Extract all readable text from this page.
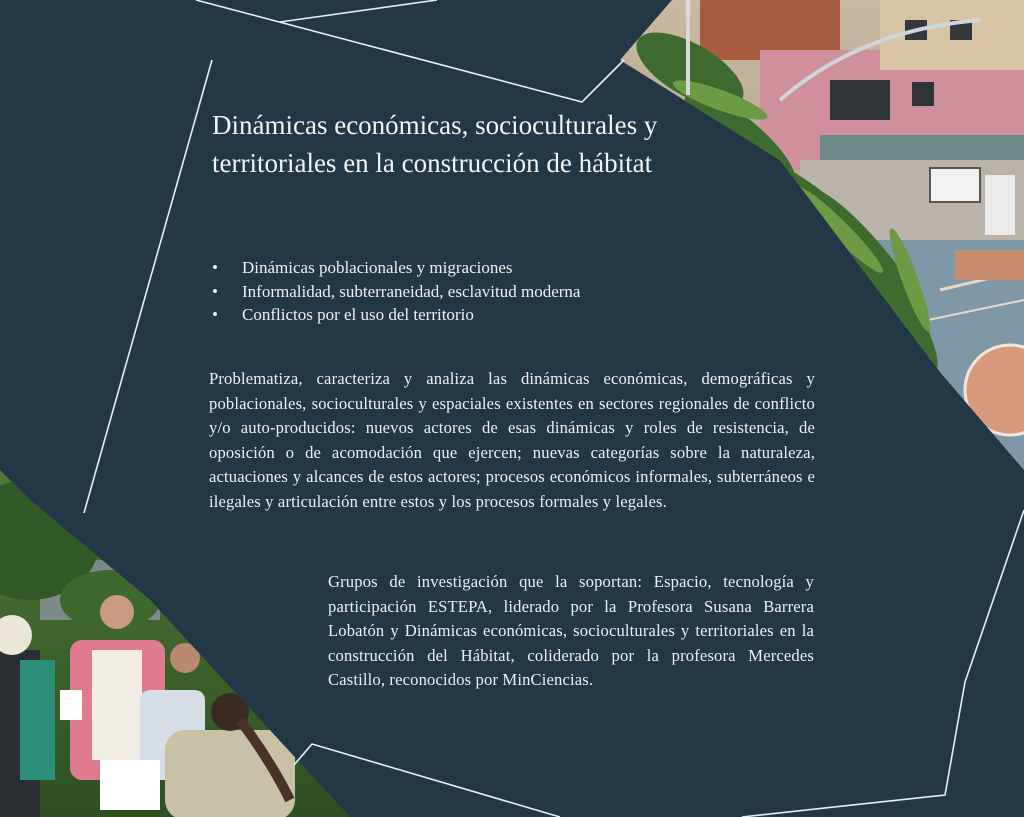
Dinámicas económicas, socioculturales y territoriales en la construcción de hábitat
• Dinámicas poblacionales y migraciones
• Informalidad, subterraneidad, esclavitud moderna
• Conflictos por el uso del territorio

Problematiza, caracteriza y analiza las dinámicas económicas, demográficas y poblacionales, socioculturales y espaciales existentes en sectores regionales de conflicto y/o auto-producidos: nuevos actores de esas dinámicas y roles de resistencia, de oposición o de acomodación que ejercen; nuevas categorías sobre la naturaleza, actuaciones y alcances de estos actores; procesos económicos informales, subterráneos e ilegales y articulación entre estos y los procesos formales y legales.

Grupos de investigación que la soportan: Espacio, tecnología y participación ESTEPA, liderado por la Profesora Susana Barrera Lobatón y Dinámicas económicas, socioculturales y territoriales en la construcción del Hábitat, coliderado por la profesora Mercedes Castillo, reconocidos por MinCiencias.
